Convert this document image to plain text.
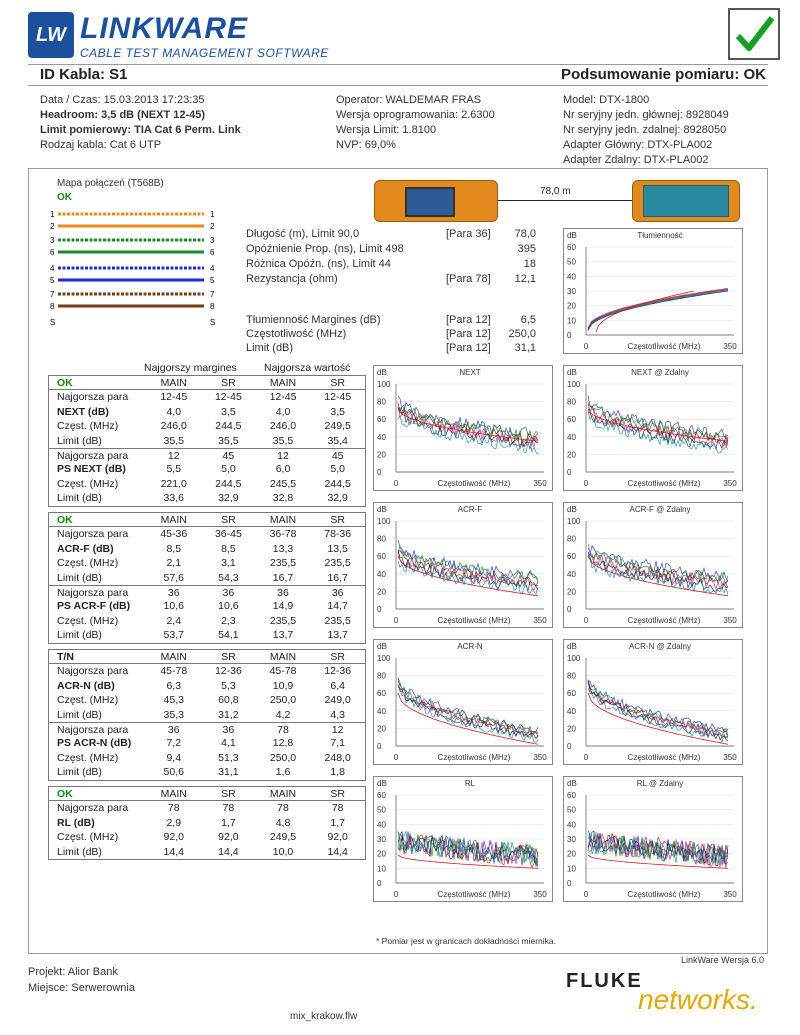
LW LINKWARE
CABLE TEST MANAGEMENT SOFTWARE
ID Kabla: S1	Podsumowanie pomiaru: OK
Data / Czas: 15.03.2013 17:23:35
Headroom: 3,5 dB (NEXT 12-45)
Limit pomierowy: TIA Cat 6 Perm. Link
Rodzaj kabla: Cat 6 UTP
Operator: WALDEMAR FRAS
Wersja oprogramowania: 2.6300
Wersja Limit: 1.8100
NVP: 69,0%
Model: DTX-1800
Nr seryjny jedn. głównej: 8928049
Nr seryjny jedn. zdalnej: 8928050
Adapter Główny: DTX-PLA002
Adapter Zdalny: DTX-PLA002
Mapa połączeń (T568B)
OK
1	1
2	2
3	3
6	6
4	4
5	5
7	7
8	8
S	S
78,0 m
Długość (m), Limit 90,0	[Para 36] 78,0
Opóźnienie Prop. (ns), Limit 498	395
Różnica Opóźn. (ns), Limit 44	18
Rezystancja (ohm)	[Para 78] 12,1
Tłumienność Margines (dB)	[Para 12]	6,5
Częstotliwość (MHz)	[Para 12] 250,0
Limit (dB)	[Para 12] 31,1
Najgorszy margines	Najgorsza wartość
OK	MAIN	SR	MAIN	SR
Najgorsza para	12-45	12-45	12-45	12-45
NEXT (dB)	4,0	3,5	4,0	3,5
Częst. (MHz)	246,0	244,5	246,0	249,5
Limit (dB)	35,5	35,5	35,5	35,4
Najgorsza para	12	45	12	45
PS NEXT (dB)	5,5	5,0	6,0	5,0
Częst. (MHz)	221,0	244,5	245,5	244,5
Limit (dB)	33,6	32,9	32,8	32,9
OK	MAIN	SR	MAIN	SR
Najgorsza para	45-36	36-45	36-78	78-36
ACR-F (dB)	8,5	8,5	13,3	13,5
Częst. (MHz)	2,1	3,1	235,5	235,5
Limit (dB)	57,6	54,3	16,7	16,7
Najgorsza para	36	36	36	36
PS ACR-F (dB)	10,6	10,6	14,9	14,7
Częst. (MHz)	2,4	2,3	235,5	235,5
Limit (dB)	53,7	54,1	13,7	13,7
T/N	MAIN	SR	MAIN	SR
Najgorsza para	45-78	12-36	45-78	12-36
ACR-N (dB)	6,3	5,3	10,9	6,4
Częst. (MHz)	45,3	60,8	250,0	249,0
Limit (dB)	35,3	31,2	4,2	4,3
Najgorsza para	36	36	78	12
PS ACR-N (dB)	7,2	4,1	12,8	7,1
Częst. (MHz)	9,4	51,3	250,0	248,0
Limit (dB)	50,6	31,1	1,6	1,8
OK	MAIN	SR	MAIN	SR
Najgorsza para	78	78	78	78
RL (dB)	2,9	1,7	4,8	1,7
Częst. (MHz)	92,0	92,0	249,5	92,0
Limit (dB)	14,4	14,4	10,0	14,4
Tłumienność
dB
60
50
40
30
20
10
0
0	350
Częstotliwość (MHz)
NEXT
dB
100
80
60
40
20
0
0	350
Częstotliwość (MHz)
NEXT @ Zdalny
dB
100
80
60
40
20
0
0	350
Częstotliwość (MHz)
ACR-F
dB
100
80
60
40
20
0
0	350
Częstotliwość (MHz)
ACR-F @ Zdalny
dB
100
80
60
40
20
0
0	350
Częstotliwość (MHz)
ACR-N
dB
100
80
60
40
20
0
0	350
Częstotliwość (MHz)
ACR-N @ Zdalny
dB
100
80
60
40
20
0
0	350
Częstotliwość (MHz)
RL
dB
60
50
40
30
20
10
0
0	350
Częstotliwość (MHz)
RL @ Zdalny
dB
60
50
40
30
20
10
0
0	350
Częstotliwość (MHz)
* Pomiar jest w granicach dokładności miernika.
LinkWare Wersja 6.0
Projekt: Alior Bank
Miejsce: Serwerownia	FLUKE
networks.
mix_krakow.flw
